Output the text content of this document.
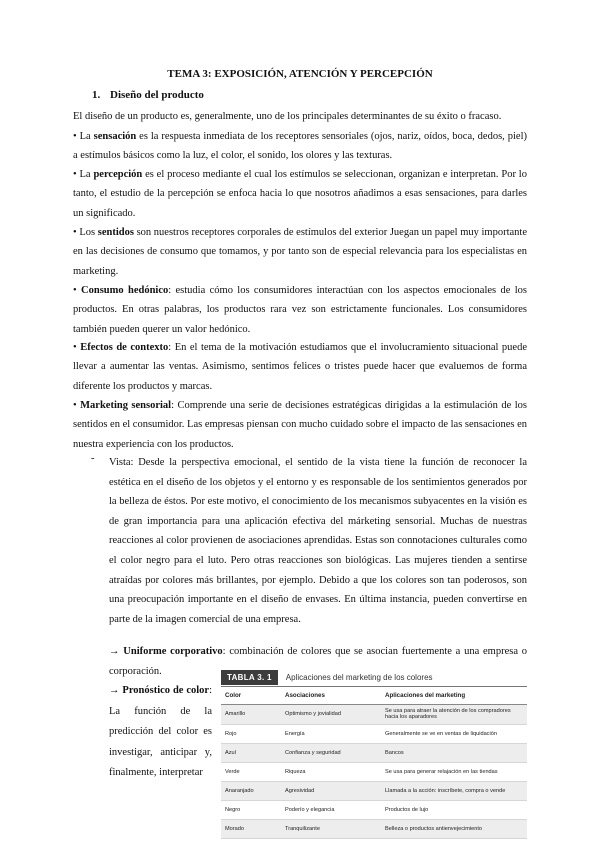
TEMA 3: EXPOSICIÓN, ATENCIÓN Y PERCEPCIÓN
1. Diseño del producto

El diseño de un producto es, generalmente, uno de los principales determinantes de su éxito o fracaso.

• La sensación es la respuesta inmediata de los receptores sensoriales (ojos, nariz, oídos, boca, dedos, piel) a estímulos básicos como la luz, el color, el sonido, los olores y las texturas.

• La percepción es el proceso mediante el cual los estímulos se seleccionan, organizan e interpretan. Por lo tanto, el estudio de la percepción se enfoca hacia lo que nosotros añadimos a esas sensaciones, para darles un significado.

• Los sentidos son nuestros receptores corporales de estímulos del exterior Juegan un papel muy importante en las decisiones de consumo que tomamos, y por tanto son de especial relevancia para los especialistas en marketing.

• Consumo hedónico: estudia cómo los consumidores interactúan con los aspectos emocionales de los productos. En otras palabras, los productos rara vez son estrictamente funcionales. Los consumidores también pueden querer un valor hedónico.

• Efectos de contexto: En el tema de la motivación estudiamos que el involucramiento situacional puede llevar a aumentar las ventas. Asimismo, sentimos felices o tristes puede hacer que evaluemos de forma diferente los productos y marcas.

• Marketing sensorial: Comprende una serie de decisiones estratégicas dirigidas a la estimulación de los sentidos en el consumidor. Las empresas piensan con mucho cuidado sobre el impacto de las sensaciones en nuestra experiencia con los productos.

- Vista: Desde la perspectiva emocional, el sentido de la vista tiene la función de reconocer la estética en el diseño de los objetos y el entorno y es responsable de los sentimientos generados por la belleza de éstos. Por este motivo, el conocimiento de los mecanismos subyacentes en la visión es de gran importancia para una aplicación efectiva del márketing sensorial. Muchas de nuestras reacciones al color provienen de asociaciones aprendidas. Estas son connotaciones culturales como el color negro para el luto. Pero otras reacciones son biológicas. Las mujeres tienden a sentirse atraídas por colores más brillantes, por ejemplo. Debido a que los colores son tan poderosos, son una preocupación importante en el diseño de envases. En última instancia, pueden convertirse en parte de la imagen comercial de una empresa.

→ Uniforme corporativo: combinación de colores que se asocian fuertemente a una empresa o corporación.

→ Pronóstico de color: La función de la predicción del color es investigar, anticipar y, finalmente, interpretar

TABLA 3. 1	Aplicaciones del marketing de los colores
Color	Asociaciones	Aplicaciones del marketing
Amarillo	Optimismo y jovialidad	Se usa para atraer la atención de los compradores hacia los aparadores
Rojo	Energía	Generalmente se ve en ventas de liquidación
Azul	Confianza y seguridad	Bancos
Verde	Riqueza	Se usa para generar relajación en las tiendas
Anaranjado	Agresividad	Llamada a la acción: inscríbete, compra o vende
Negro	Poderío y elegancia	Productos de lujo
Morado	Tranquilizante	Belleza o productos antienvejecimiento
